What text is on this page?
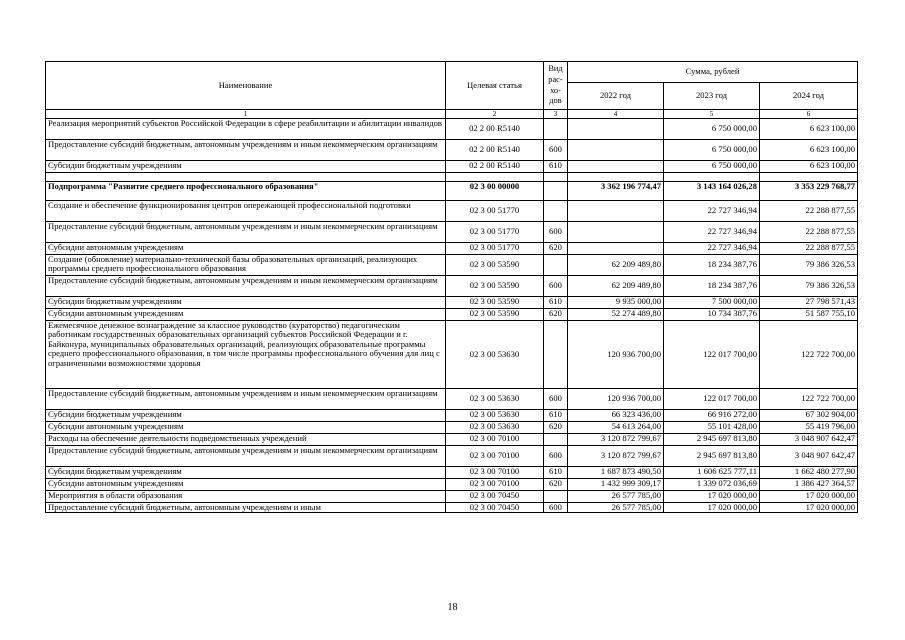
Наименование	Целевая статья	Вид
рас-
хо-
дов	Сумма, рублей		
			2022 год	2023 год	2024 год
1	2	3	4	5	6
Реализация мероприятий субъектов Российской Федерации в сфере реабилитации и абилитации инвалидов	02 2 00 R5140			6 750 000,00	6 623 100,00
Предоставление субсидий бюджетным, автономным учреждениям и иным некоммерческим организациям	02 2 00 R5140	600		6 750 000,00	6 623 100,00
Субсидии бюджетным учреждениям	02 2 00 R5140	610		6 750 000,00	6 623 100,00

Подпрограмма "Развитие среднего профессионального образования"	02 3 00 00000		3 362 196 774,47	3 143 164 026,28	3 353 229 768,77
Создание и обеспечение функционирования центров опережающей профессиональной подготовки	02 3 00 51770			22 727 346,94	22 288 877,55
Предоставление субсидий бюджетным, автономным учреждениям и иным некоммерческим организациям	02 3 00 51770	600		22 727 346,94	22 288 877,55
Субсидии автономным учреждениям	02 3 00 51770	620		22 727 346,94	22 288 877,55
Создание (обновление) материально-технической базы образовательных организаций, реализующих программы среднего профессионального образования	02 3 00 53590		62 209 489,80	18 234 387,76	79 386 326,53
Предоставление субсидий бюджетным, автономным учреждениям и иным некоммерческим организациям	02 3 00 53590	600	62 209 489,80	18 234 387,76	79 386 326,53
Субсидии бюджетным учреждениям	02 3 00 53590	610	9 935 000,00	7 500 000,00	27 798 571,43
Субсидии автономным учреждениям	02 3 00 53590	620	52 274 489,80	10 734 387,76	51 587 755,10
Ежемесячное денежное вознаграждение за классное руководство (кураторство) педагогическим работникам государственных образовательных организаций субъектов Российской Федерации и г. Байконура, муниципальных образовательных организаций, реализующих образовательные программы среднего профессионального образования, в том числе программы профессионального обучения для лиц с ограниченными возможностями здоровья	02 3 00 53630		120 936 700,00	122 017 700,00	122 722 700,00
Предоставление субсидий бюджетным, автономным учреждениям и иным некоммерческим организациям	02 3 00 53630	600	120 936 700,00	122 017 700,00	122 722 700,00
Субсидии бюджетным учреждениям	02 3 00 53630	610	66 323 436,00	66 916 272,00	67 302 904,00
Субсидии автономным учреждениям	02 3 00 53630	620	54 613 264,00	55 101 428,00	55 419 796,00
Расходы на обеспечение деятельности подведомственных учреждений	02 3 00 70100		3 120 872 799,67	2 945 697 813,80	3 048 907 642,47
Предоставление субсидий бюджетным, автономным учреждениям и иным некоммерческим организациям	02 3 00 70100	600	3 120 872 799,67	2 945 697 813,80	3 048 907 642,47
Субсидии бюджетным учреждениям	02 3 00 70100	610	1 687 873 490,50	1 606 625 777,11	1 662 480 277,90
Субсидии автономным учреждениям	02 3 00 70100	620	1 432 999 309,17	1 339 072 036,69	1 386 427 364,57
Мероприятия в области образования	02 3 00 70450		26 577 785,00	17 020 000,00	17 020 000,00
Предоставление субсидий бюджетным, автономным учреждениям и иным	02 3 00 70450	600	26 577 785,00	17 020 000,00	17 020 000,00
18
